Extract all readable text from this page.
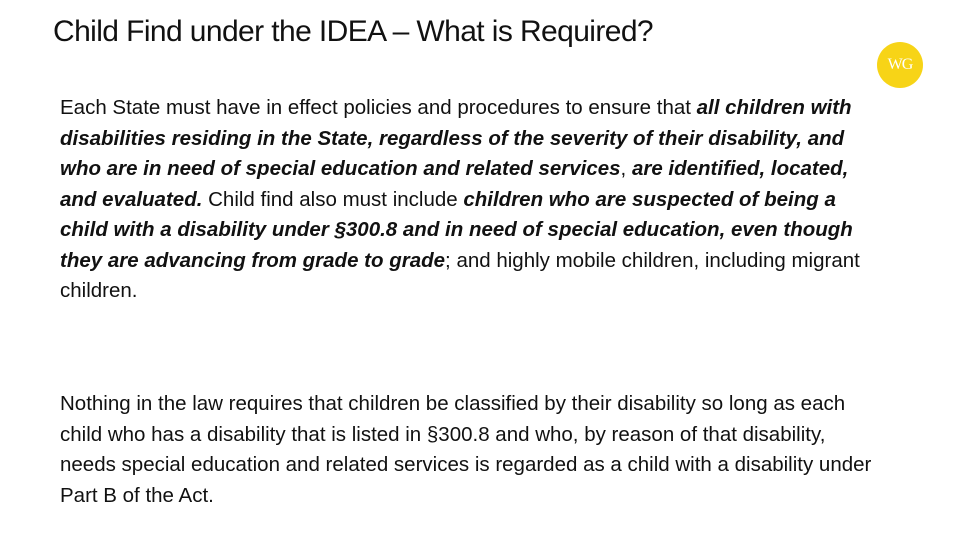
Child Find under the IDEA – What is Required?
WG

Each State must have in effect policies and procedures to ensure that all children with disabilities residing in the State, regardless of the severity of their disability, and who are in need of special education and related services, are identified, located, and evaluated. Child find also must include children who are suspected of being a child with a disability under §300.8 and in need of special education, even though they are advancing from grade to grade; and highly mobile children, including migrant children.

Nothing in the law requires that children be classified by their disability so long as each child who has a disability that is listed in §300.8 and who, by reason of that disability, needs special education and related services is regarded as a child with a disability under Part B of the Act.
